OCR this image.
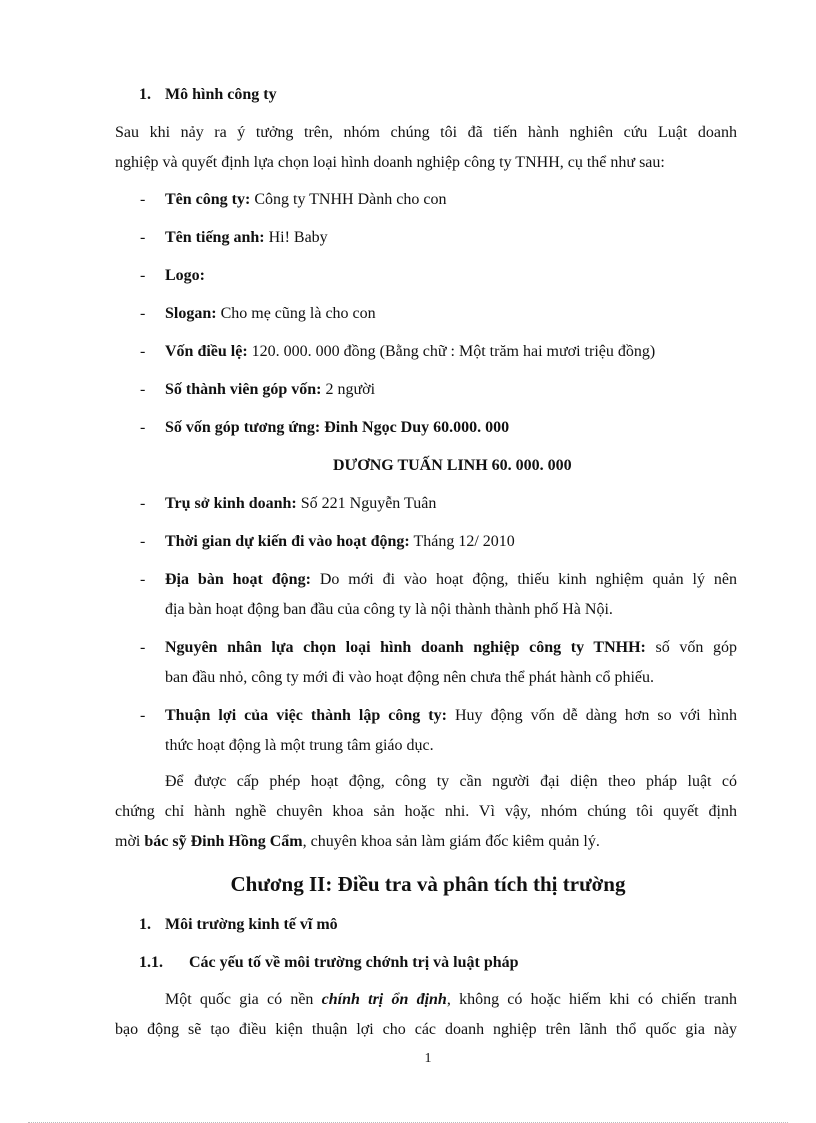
1. Mô hình công ty
Sau khi nảy ra ý tưởng trên, nhóm chúng tôi đã tiến hành nghiên cứu Luật doanh
nghiệp và quyết định lựa chọn loại hình doanh nghiệp công ty TNHH, cụ thể như sau:
- Tên công ty: Công ty TNHH Dành cho con
- Tên tiếng anh: Hi! Baby
- Logo:
- Slogan: Cho mẹ cũng là cho con
- Vốn điều lệ: 120. 000. 000 đồng (Bằng chữ : Một trăm hai mươi triệu đồng)
- Số thành viên góp vốn: 2 người
- Số vốn góp tương ứng: Đinh Ngọc Duy 60.000. 000
DƯƠNG TUẤN LINH 60. 000. 000
- Trụ sở kinh doanh: Số 221 Nguyễn Tuân
- Thời gian dự kiến đi vào hoạt động: Tháng 12/ 2010
- Địa bàn hoạt động: Do mới đi vào hoạt động, thiếu kinh nghiệm quản lý nên
địa bàn hoạt động ban đầu của công ty là nội thành thành phố Hà Nội.
- Nguyên nhân lựa chọn loại hình doanh nghiệp công ty TNHH: số vốn góp
ban đầu nhỏ, công ty mới đi vào hoạt động nên chưa thể phát hành cổ phiếu.
- Thuận lợi của việc thành lập công ty: Huy động vốn dễ dàng hơn so với hình
thức hoạt động là một trung tâm giáo dục.
Để được cấp phép hoạt động, công ty cần người đại diện theo pháp luật có
chứng chỉ hành nghề chuyên khoa sản hoặc nhi. Vì vậy, nhóm chúng tôi quyết định
mời bác sỹ Đinh Hồng Cẩm, chuyên khoa sản làm giám đốc kiêm quản lý.
Chương II: Điều tra và phân tích thị trường
1. Môi trường kinh tế vĩ mô
1.1. Các yếu tố về môi trường chớnh trị và luật pháp
Một quốc gia có nền chính trị ổn định, không có hoặc hiếm khi có chiến tranh
bạo động sẽ tạo điều kiện thuận lợi cho các doanh nghiệp trên lãnh thổ quốc gia này
1
